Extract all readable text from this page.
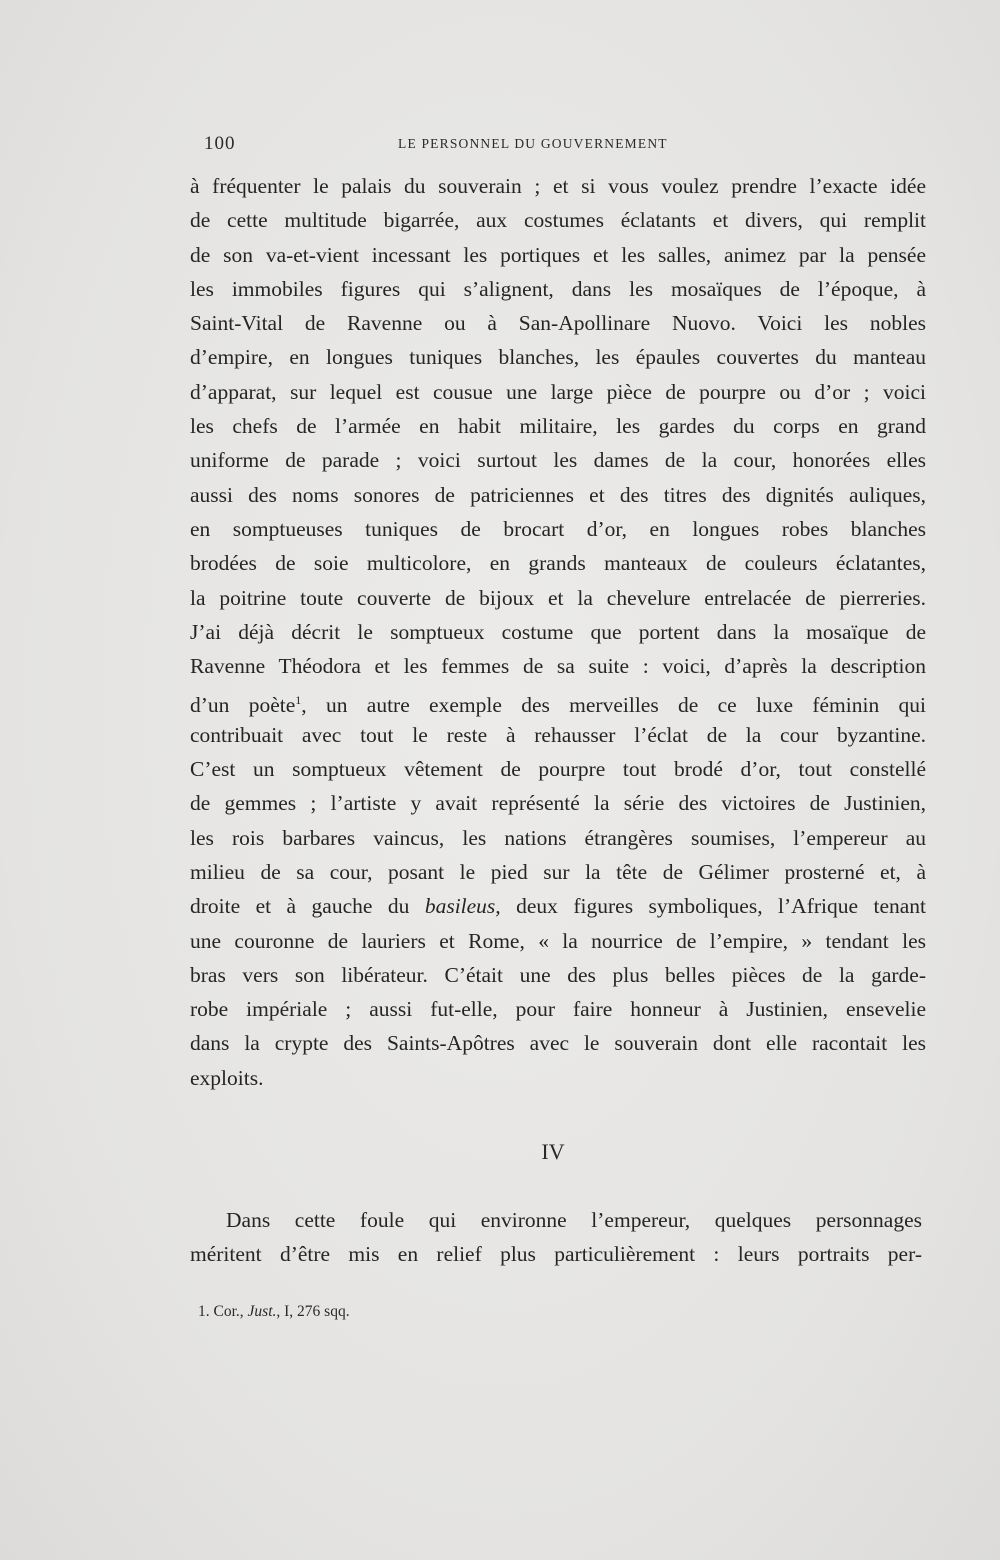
100	LE PERSONNEL DU GOUVERNEMENT
à fréquenter le palais du souverain ; et si vous voulez prendre l’exacte idée
de cette multitude bigarrée, aux costumes éclatants et divers, qui remplit
de son va-et-vient incessant les portiques et les salles, animez par la pensée
les immobiles figures qui s’alignent, dans les mosaïques de l’époque, à
Saint-Vital de Ravenne ou à San-Apollinare Nuovo. Voici les nobles
d’empire, en longues tuniques blanches, les épaules couvertes du manteau
d’apparat, sur lequel est cousue une large pièce de pourpre ou d’or ; voici
les chefs de l’armée en habit militaire, les gardes du corps en grand
uniforme de parade ; voici surtout les dames de la cour, honorées elles
aussi des noms sonores de patriciennes et des titres des dignités auliques,
en somptueuses tuniques de brocart d’or, en longues robes blanches
brodées de soie multicolore, en grands manteaux de couleurs éclatantes,
la poitrine toute couverte de bijoux et la chevelure entrelacée de pierreries.
J’ai déjà décrit le somptueux costume que portent dans la mosaïque de
Ravenne Théodora et les femmes de sa suite : voici, d’après la description
d’un poète$^1$, un autre exemple des merveilles de ce luxe féminin qui
contribuait avec tout le reste à rehausser l’éclat de la cour byzantine.
C’est un somptueux vêtement de pourpre tout brodé d’or, tout constellé
de gemmes ; l’artiste y avait représenté la série des victoires de Justinien,
les rois barbares vaincus, les nations étrangères soumises, l’empereur au
milieu de sa cour, posant le pied sur la tête de Gélimer prosterné et, à
droite et à gauche du basileus, deux figures symboliques, l’Afrique tenant
une couronne de lauriers et Rome, « la nourrice de l’empire, » tendant les
bras vers son libérateur. C’était une des plus belles pièces de la garde-
robe impériale ; aussi fut-elle, pour faire honneur à Justinien, ensevelie
dans la crypte des Saints-Apôtres avec le souverain dont elle racontait les
exploits.
IV
Dans cette foule qui environne l’empereur, quelques personnages
méritent d’être mis en relief plus particulièrement : leurs portraits per-
1. Cor., Just., I, 276 sqq.
